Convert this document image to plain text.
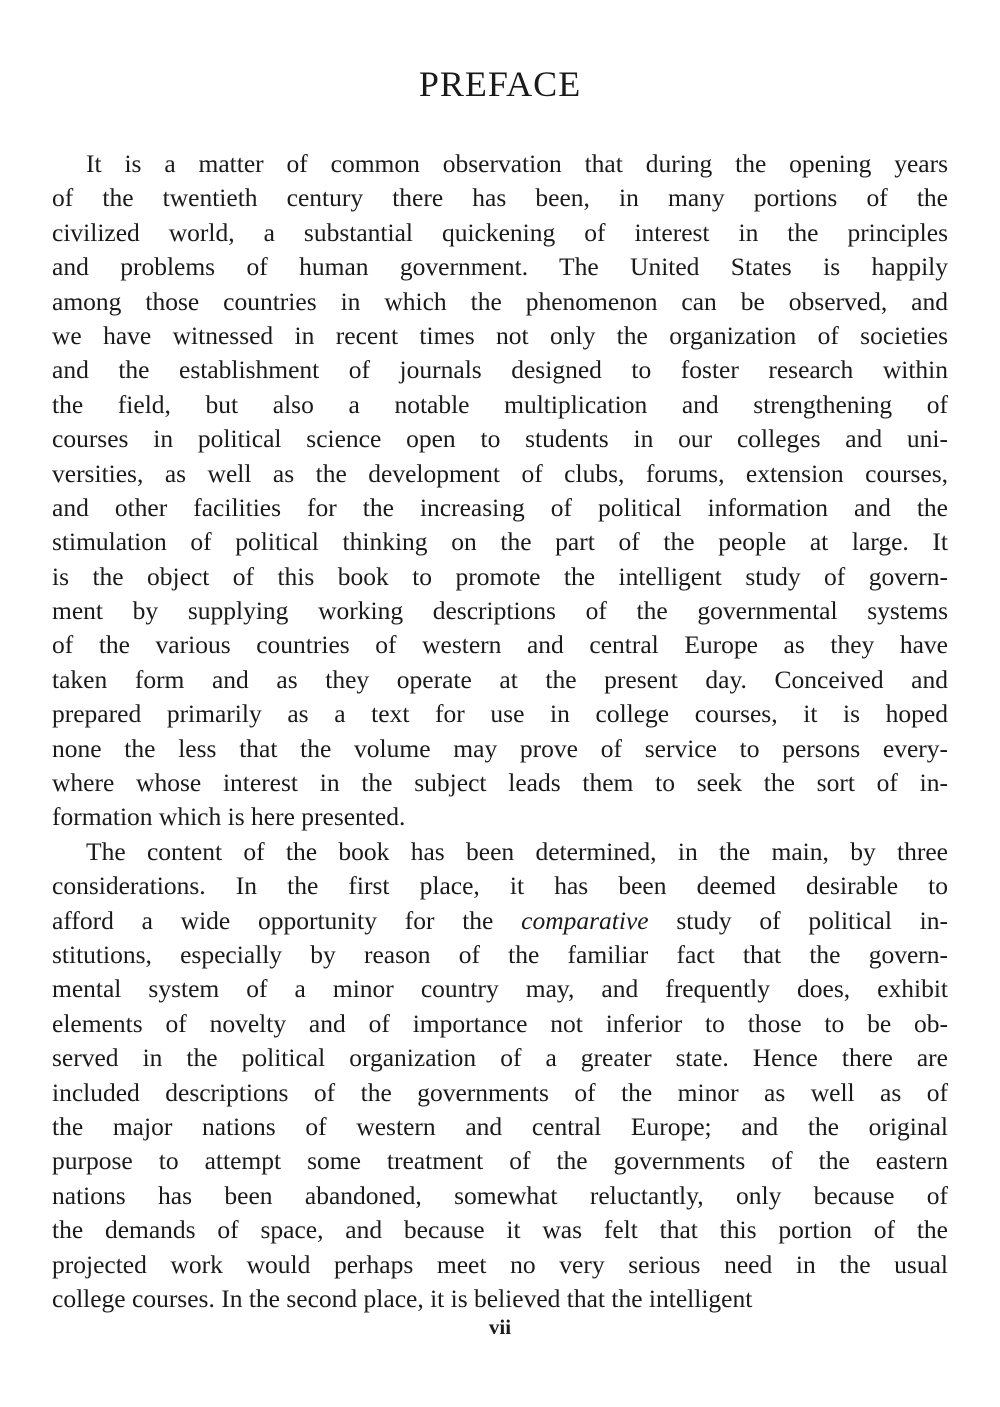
PREFACE
It is a matter of common observation that during the opening years
of the twentieth century there has been, in many portions of the
civilized world, a substantial quickening of interest in the principles
and problems of human government. The United States is happily
among those countries in which the phenomenon can be observed, and
we have witnessed in recent times not only the organization of societies
and the establishment of journals designed to foster research within
the field, but also a notable multiplication and strengthening of
courses in political science open to students in our colleges and uni-
versities, as well as the development of clubs, forums, extension courses,
and other facilities for the increasing of political information and the
stimulation of political thinking on the part of the people at large. It
is the object of this book to promote the intelligent study of govern-
ment by supplying working descriptions of the governmental systems
of the various countries of western and central Europe as they have
taken form and as they operate at the present day. Conceived and
prepared primarily as a text for use in college courses, it is hoped
none the less that the volume may prove of service to persons every-
where whose interest in the subject leads them to seek the sort of in-
formation which is here presented.
The content of the book has been determined, in the main, by three
considerations. In the first place, it has been deemed desirable to
afford a wide opportunity for the comparative study of political in-
stitutions, especially by reason of the familiar fact that the govern-
mental system of a minor country may, and frequently does, exhibit
elements of novelty and of importance not inferior to those to be ob-
served in the political organization of a greater state. Hence there are
included descriptions of the governments of the minor as well as of
the major nations of western and central Europe; and the original
purpose to attempt some treatment of the governments of the eastern
nations has been abandoned, somewhat reluctantly, only because of
the demands of space, and because it was felt that this portion of the
projected work would perhaps meet no very serious need in the usual
college courses. In the second place, it is believed that the intelligent
vii
